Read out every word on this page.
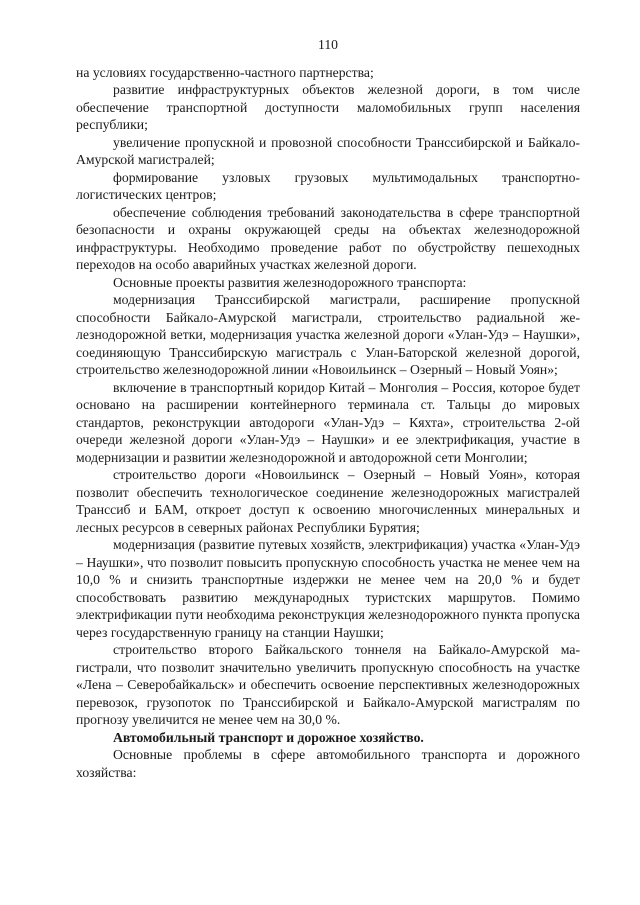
110

на условиях государственно-частного партнерства;

развитие инфраструктурных объектов железной дороги, в том числе обеспечение транспортной доступности маломобильных групп населения республики;

увеличение пропускной и провозной способности Транссибирской и Байкало-Амурской магистралей;

формирование узловых грузовых мультимодальных транспортно-логистических центров;

обеспечение соблюдения требований законодательства в сфере транспортной безопасности и охраны окружающей среды на объектах железнодорожной инфраструктуры. Необходимо проведение работ по обустройству пешеходных переходов на особо аварийных участках железной дороги.

Основные проекты развития железнодорожного транспорта:

модернизация Транссибирской магистрали, расширение пропускной способности Байкало-Амурской магистрали, строительство радиальной железнодорожной ветки, модернизация участка железной дороги «Улан-Удэ – Наушки», соединяющую Транссибирскую магистраль с Улан-Баторской железной дорогой, строительство железнодорожной линии «Новоильинск – Озерный – Новый Уоян»;

включение в транспортный коридор Китай – Монголия – Россия, которое будет основано на расширении контейнерного терминала ст. Тальцы до мировых стандартов, реконструкции автодороги «Улан-Удэ – Кяхта», строительства 2-ой очереди железной дороги «Улан-Удэ – Наушки» и ее электрификация, участие в модернизации и развитии железнодорожной и автодорожной сети Монголии;

строительство дороги «Новоильинск – Озерный – Новый Уоян», которая позволит обеспечить технологическое соединение железнодорожных магистралей Транссиб и БАМ, откроет доступ к освоению многочисленных минеральных и лесных ресурсов в северных районах Республики Бурятия;

модернизация (развитие путевых хозяйств, электрификация) участка «Улан-Удэ – Наушки», что позволит повысить пропускную способность участка не менее чем на 10,0 % и снизить транспортные издержки не менее чем на 20,0 % и будет способствовать развитию международных туристских маршрутов. Помимо электрификации пути необходима реконструкция железнодорожного пункта пропуска через государственную границу на станции Наушки;

строительство второго Байкальского тоннеля на Байкало-Амурской магистрали, что позволит значительно увеличить пропускную способность на участке «Лена – Северобайкальск» и обеспечить освоение перспективных железнодорожных перевозок, грузопоток по Транссибирской и Байкало-Амурской магистралям по прогнозу увеличится не менее чем на 30,0 %.

Автомобильный транспорт и дорожное хозяйство.

Основные проблемы в сфере автомобильного транспорта и дорожного хозяйства:
